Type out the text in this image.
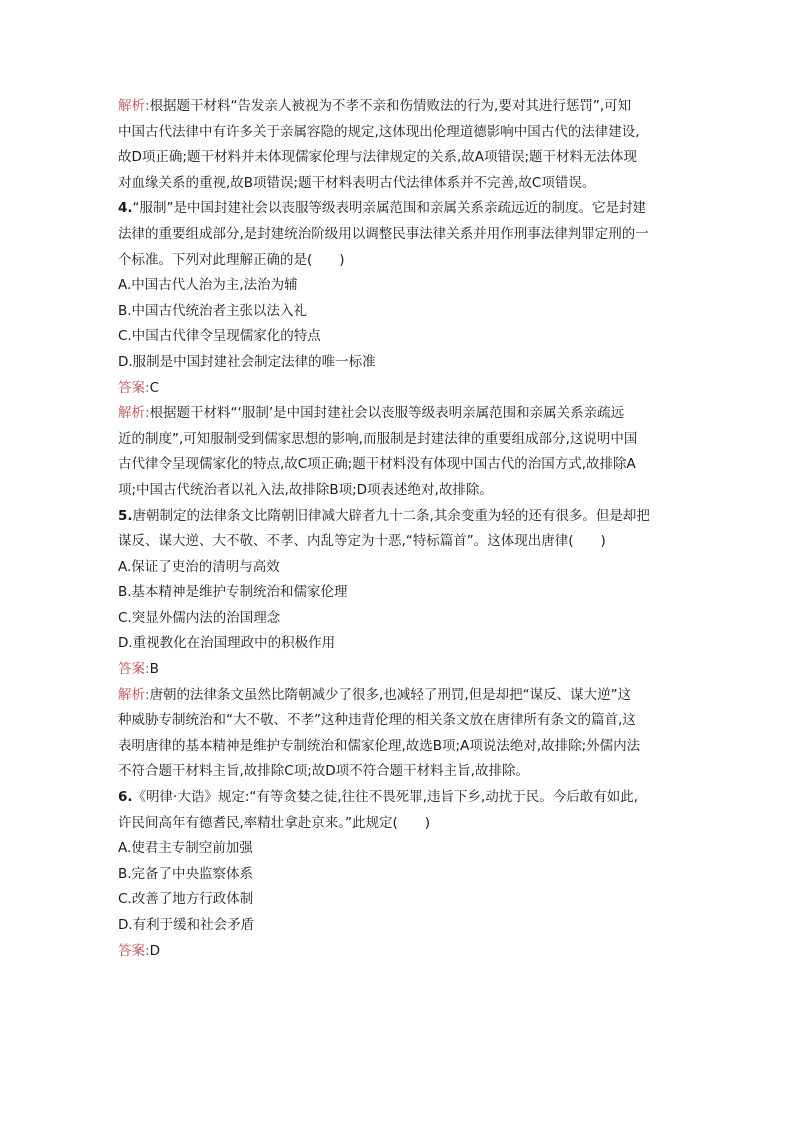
解析:根据题干材料“告发亲人被视为不孝不亲和伤情败法的行为,要对其进行惩罚”,可知
中国古代法律中有许多关于亲属容隐的规定,这体现出伦理道德影响中国古代的法律建设,
故D项正确;题干材料并未体现儒家伦理与法律规定的关系,故A项错误;题干材料无法体现
对血缘关系的重视,故B项错误;题干材料表明古代法律体系并不完善,故C项错误。
4.“服制”是中国封建社会以丧服等级表明亲属范围和亲属关系亲疏远近的制度。它是封建
法律的重要组成部分,是封建统治阶级用以调整民事法律关系并用作刑事法律判罪定刑的一
个标准。下列对此理解正确的是(　　)
A.中国古代人治为主,法治为辅
B.中国古代统治者主张以法入礼
C.中国古代律令呈现儒家化的特点
D.服制是中国封建社会制定法律的唯一标准
答案:C
解析:根据题干材料“‘服制’是中国封建社会以丧服等级表明亲属范围和亲属关系亲疏远
近的制度”,可知服制受到儒家思想的影响,而服制是封建法律的重要组成部分,这说明中国
古代律令呈现儒家化的特点,故C项正确;题干材料没有体现中国古代的治国方式,故排除A
项;中国古代统治者以礼入法,故排除B项;D项表述绝对,故排除。
5.唐朝制定的法律条文比隋朝旧律减大辟者九十二条,其余变重为轻的还有很多。但是却把
谋反、谋大逆、大不敬、不孝、内乱等定为十恶,“特标篇首”。这体现出唐律(　　)
A.保证了吏治的清明与高效
B.基本精神是维护专制统治和儒家伦理
C.突显外儒内法的治国理念
D.重视教化在治国理政中的积极作用
答案:B
解析:唐朝的法律条文虽然比隋朝减少了很多,也减轻了刑罚,但是却把“谋反、谋大逆”这
种威胁专制统治和“大不敬、不孝”这种违背伦理的相关条文放在唐律所有条文的篇首,这
表明唐律的基本精神是维护专制统治和儒家伦理,故选B项;A项说法绝对,故排除;外儒内法
不符合题干材料主旨,故排除C项;故D项不符合题干材料主旨,故排除。
6.《明律·大诰》规定:“有等贪婪之徒,往往不畏死罪,违旨下乡,动扰于民。今后敢有如此,
许民间高年有德耆民,率精壮拿赴京来。”此规定(　　)
A.使君主专制空前加强
B.完备了中央监察体系
C.改善了地方行政体制
D.有利于缓和社会矛盾
答案:D
